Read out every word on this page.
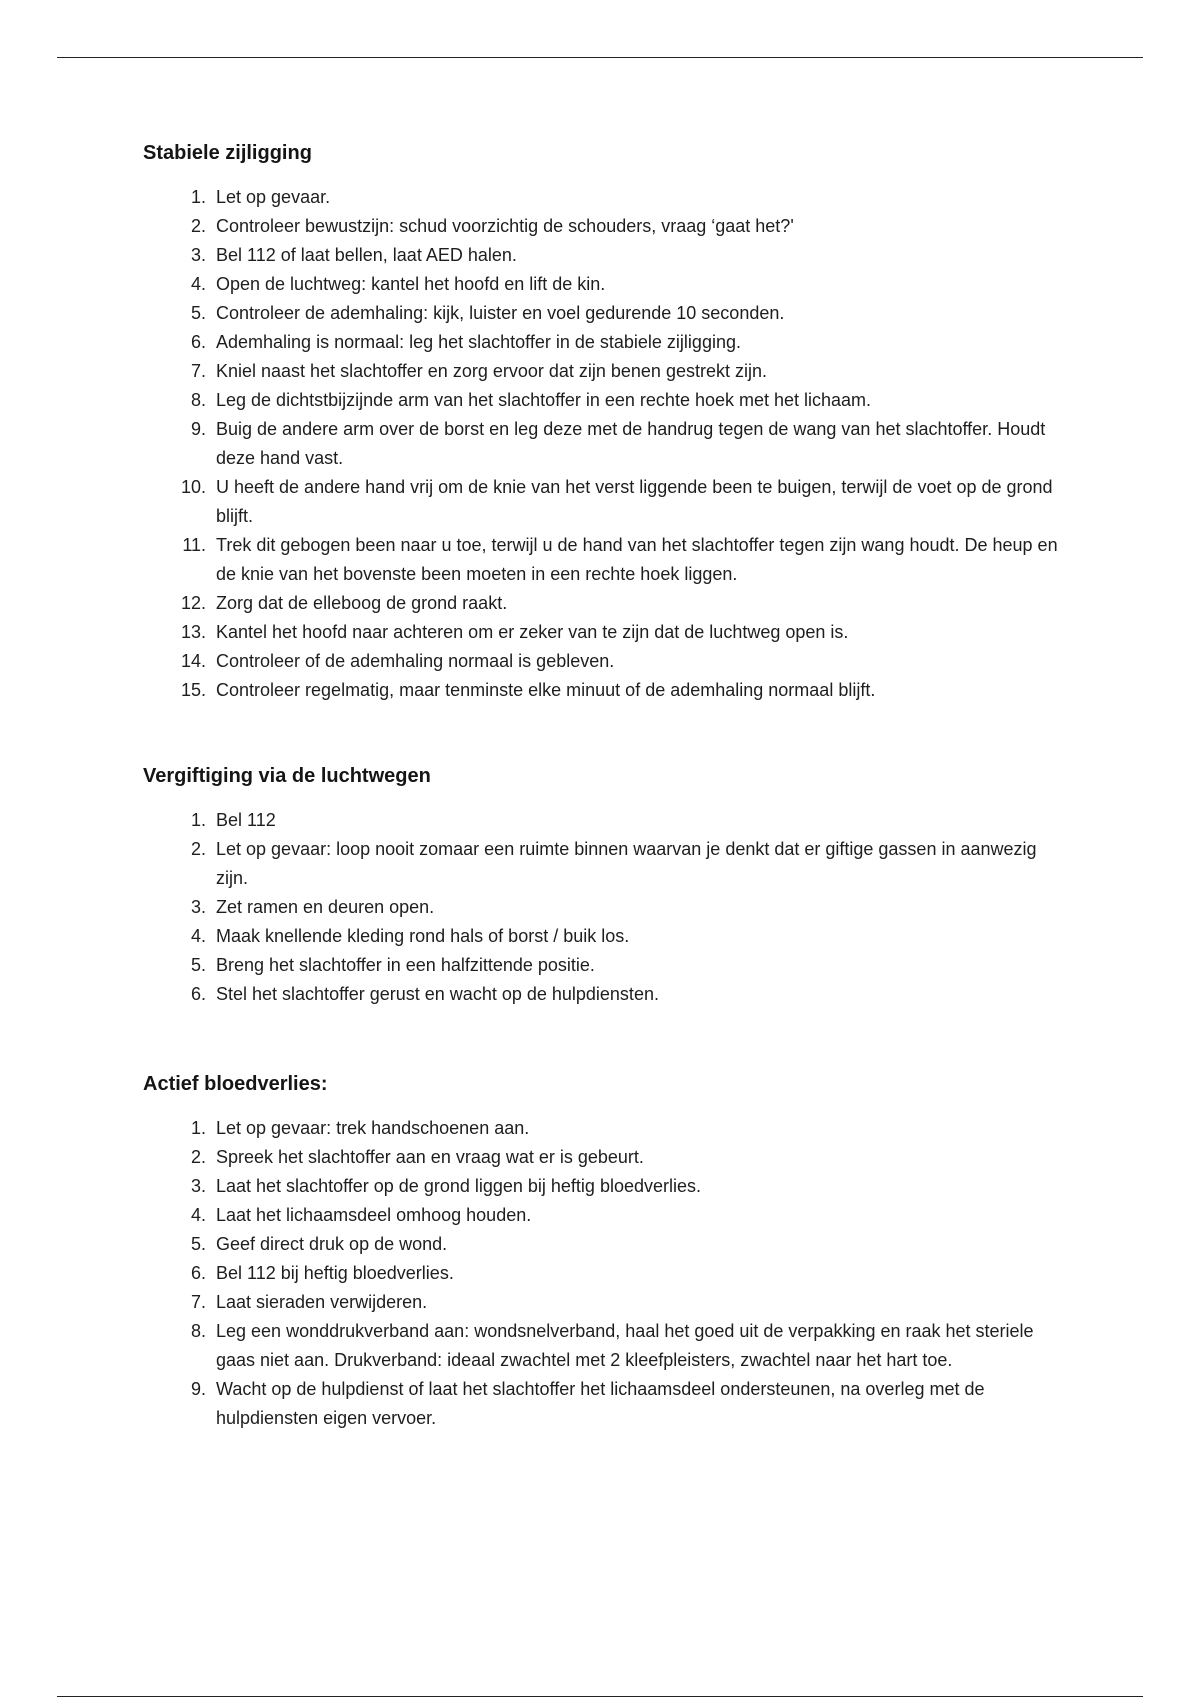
Stabiele zijligging
1. Let op gevaar.
2. Controleer bewustzijn: schud voorzichtig de schouders, vraag ‘gaat het?'
3. Bel 112 of laat bellen, laat AED halen.
4. Open de luchtweg: kantel het hoofd en lift de kin.
5. Controleer de ademhaling: kijk, luister en voel gedurende 10 seconden.
6. Ademhaling is normaal: leg het slachtoffer in de stabiele zijligging.
7. Kniel naast het slachtoffer en zorg ervoor dat zijn benen gestrekt zijn.
8. Leg de dichtstbijzijnde arm van het slachtoffer in een rechte hoek met het lichaam.
9. Buig de andere arm over de borst en leg deze met de handrug tegen de wang van het slachtoffer. Houdt deze hand vast.
10. U heeft de andere hand vrij om de knie van het verst liggende been te buigen, terwijl de voet op de grond blijft.
11. Trek dit gebogen been naar u toe, terwijl u de hand van het slachtoffer tegen zijn wang houdt. De heup en de knie van het bovenste been moeten in een rechte hoek liggen.
12. Zorg dat de elleboog de grond raakt.
13. Kantel het hoofd naar achteren om er zeker van te zijn dat de luchtweg open is.
14. Controleer of de ademhaling normaal is gebleven.
15. Controleer regelmatig, maar tenminste elke minuut of de ademhaling normaal blijft.
Vergiftiging via de luchtwegen
1. Bel 112
2. Let op gevaar: loop nooit zomaar een ruimte binnen waarvan je denkt dat er giftige gassen in aanwezig zijn.
3. Zet ramen en deuren open.
4. Maak knellende kleding rond hals of borst / buik los.
5. Breng het slachtoffer in een halfzittende positie.
6. Stel het slachtoffer gerust en wacht op de hulpdiensten.
Actief bloedverlies:
1. Let op gevaar: trek handschoenen aan.
2. Spreek het slachtoffer aan en vraag wat er is gebeurt.
3. Laat het slachtoffer op de grond liggen bij heftig bloedverlies.
4. Laat het lichaamsdeel omhoog houden.
5. Geef direct druk op de wond.
6. Bel 112 bij heftig bloedverlies.
7. Laat sieraden verwijderen.
8. Leg een wonddrukverband aan: wondsnelverband, haal het goed uit de verpakking en raak het steriele gaas niet aan. Drukverband: ideaal zwachtel met 2 kleefpleisters, zwachtel naar het hart toe.
9. Wacht op de hulpdienst of laat het slachtoffer het lichaamsdeel ondersteunen, na overleg met de hulpdiensten eigen vervoer.
